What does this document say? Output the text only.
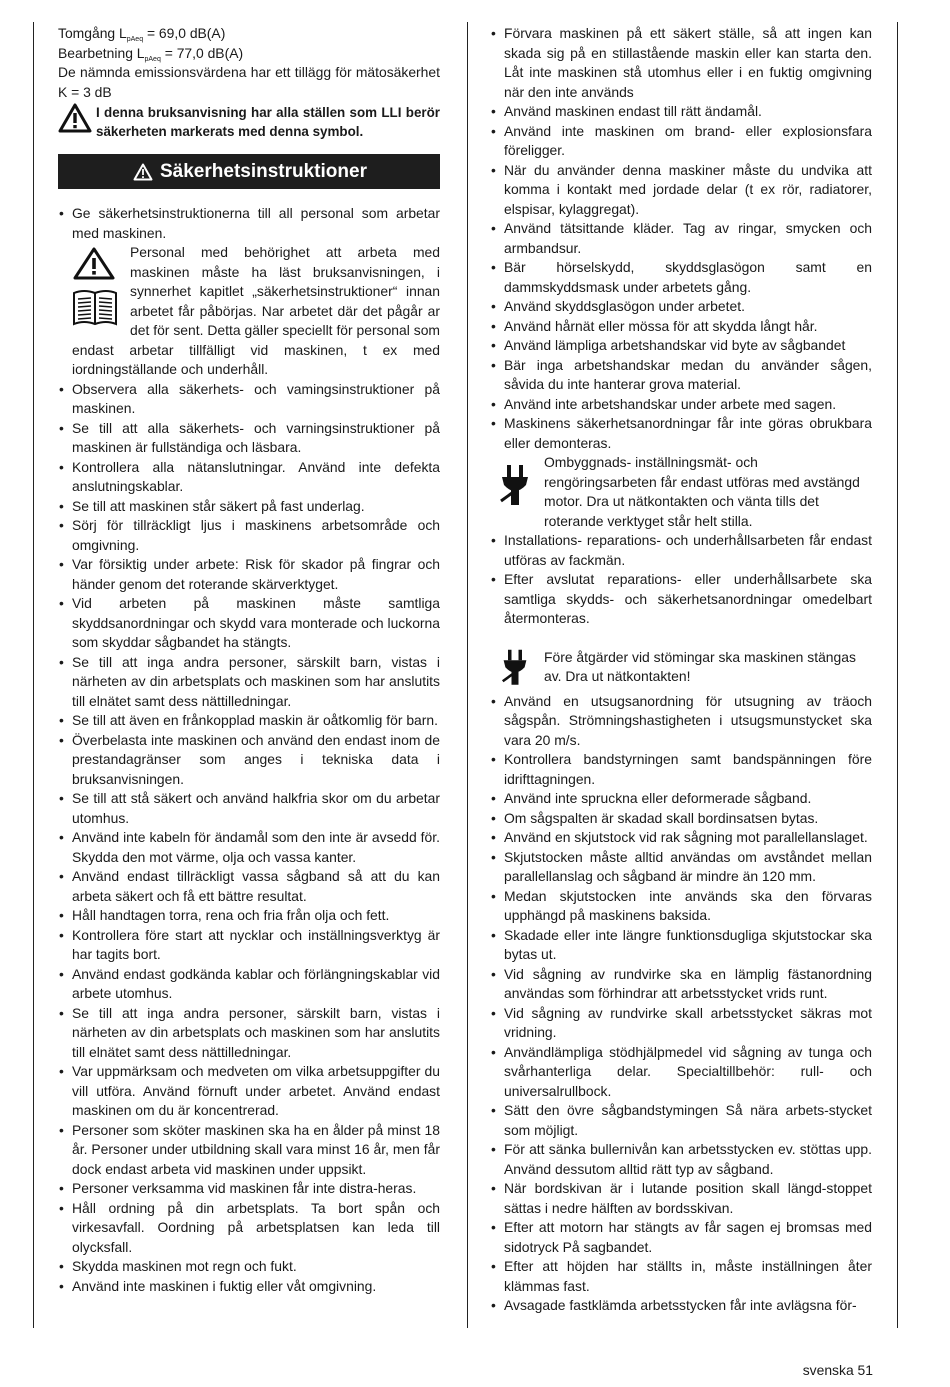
Tomgång $L_{pAeq} = 69,0$ dB(A)

Bearbetning $L_{pAeq} = 77,0$ dB(A)

De nämnda emissionsvärdena har ett tillägg för mätosäkerhet K = 3 dB

I denna bruksanvisning har alla ställen som LLI berör säkerheten markerats med denna symbol.
Säkerhetsinstruktioner
• Ge säkerhetsinstruktionerna till all personal som arbetar med maskinen.

Personal med behörighet att arbeta med maskinen måste ha läst bruksanvisningen, i synnerhet kapitlet „säkerhetsinstruktioner“ innan arbetet får påbörjas. Nar arbetet där det pågår ar det för sent. Detta gäller speciellt för personal som endast arbetar tillfälligt vid maskinen, t ex med iordningställande och underhåll.
• Observera alla säkerhets- och vamingsinstruktioner på maskinen.
• Se till att alla säkerhets- och varningsinstruktioner på maskinen är fullständiga och läsbara.
• Kontrollera alla nätanslutningar. Använd inte defekta anslutningskablar.
• Se till att maskinen står säkert på fast underlag.
• Sörj för tillräckligt ljus i maskinens arbetsområde och omgivning.
• Var försiktig under arbete: Risk för skador på fingrar och händer genom det roterande skärverktyget.
• Vid arbeten på maskinen måste samtliga skyddsanordningar och skydd vara monterade och luckorna som skyddar sågbandet ha stängts.
• Se till att inga andra personer, särskilt barn, vistas i närheten av din arbetsplats och maskinen som har anslutits till elnätet samt dess nättilledningar.
• Se till att även en frånkopplad maskin är oåtkomlig för barn.
• Överbelasta inte maskinen och använd den endast inom de prestandagränser som anges i tekniska data i bruksanvisningen.
• Se till att stå säkert och använd halkfria skor om du arbetar utomhus.
• Använd inte kabeln för ändamål som den inte är avsedd för. Skydda den mot värme, olja och vassa kanter.
• Använd endast tillräckligt vassa sågband så att du kan arbeta säkert och få ett bättre resultat.
• Håll handtagen torra, rena och fria från olja och fett.
• Kontrollera före start att nycklar och inställningsverktyg är har tagits bort.
• Använd endast godkända kablar och förlängningskablar vid arbete utomhus.
• Se till att inga andra personer, särskilt barn, vistas i närheten av din arbetsplats och maskinen som har anslutits till elnätet samt dess nättilledningar.
• Var uppmärksam och medveten om vilka arbetsuppgifter du vill utföra. Använd förnuft under arbetet. Använd endast maskinen om du är koncentrerad.
• Personer som sköter maskinen ska ha en ålder på minst 18 år. Personer under utbildning skall vara minst 16 år, men får dock endast arbeta vid maskinen under uppsikt.
• Personer verksamma vid maskinen får inte distra-heras.
• Håll ordning på din arbetsplats. Ta bort spån och virkesavfall. Oordning på arbetsplatsen kan leda till olycksfall.
• Skydda maskinen mot regn och fukt.
• Använd inte maskinen i fuktig eller våt omgivning.
• Förvara maskinen på ett säkert ställe, så att ingen kan skada sig på en stillastående maskin eller kan starta den. Låt inte maskinen stå utomhus eller i en fuktig omgivning när den inte används
• Använd maskinen endast till rätt ändamål.
• Använd inte maskinen om brand- eller explosionsfara föreligger.
• När du använder denna maskiner måste du undvika att komma i kontakt med jordade delar (t ex rör, radiatorer, elspisar, kylaggregat).
• Använd tätsittande kläder. Tag av ringar, smycken och armbandsur.
• Bär hörselskydd, skyddsglasögon samt en dammskyddsmask under arbetets gång.
• Använd skyddsglasögon under arbetet.
• Använd hårnät eller mössa för att skydda långt hår.
• Använd lämpliga arbetshandskar vid byte av sågbandet
• Bär inga arbetshandskar medan du använder sågen, såvida du inte hanterar grova material.
• Använd inte arbetshandskar under arbete med sagen.
• Maskinens säkerhetsanordningar får inte göras obrukbara eller demonteras.
Ombyggnads- inställningsmät- och rengöringsarbeten får endast utföras med avstängd motor. Dra ut nätkontakten och vänta tills det roterande verktyget står helt stilla.
• Installations- reparations- och underhållsarbeten får endast utföras av fackmän.
• Efter avslutat reparations- eller underhållsarbete ska samtliga skydds- och säkerhetsanordningar omedelbart återmonteras.
Före åtgärder vid stömingar ska maskinen stängas av. Dra ut nätkontakten!
• Använd en utsugsanordning för utsugning av träoch sågspån. Strömningshastigheten i utsugsmunstycket ska vara 20 m/s.
• Kontrollera bandstyrningen samt bandspänningen före idrifttagningen.
• Använd inte spruckna eller deformerade sågband.
• Om sågspalten är skadad skall bordinsatsen bytas.
• Använd en skjutstock vid rak sågning mot parallellanslaget.
• Skjutstocken måste alltid användas om avståndet mellan parallellanslag och sågband är mindre än 120 mm.
• Medan skjutstocken inte används ska den förvaras upphängd på maskinens baksida.
• Skadade eller inte längre funktionsdugliga skjutstockar ska bytas ut.
• Vid sågning av rundvirke ska en lämplig fästanordning användas som förhindrar att arbetsstycket vrids runt.
• Vid sågning av rundvirke skall arbetsstycket säkras mot vridning.
• Användlämpliga stödhjälpmedel vid sågning av tunga och svårhanterliga delar. Specialtillbehör: rull- och universalrullbock.
• Sätt den övre sågbandstymingen Så nära arbets-stycket som möjligt.
• För att sänka bullernivån kan arbetsstycken ev. stöttas upp. Använd dessutom alltid rätt typ av sågband.
• När bordskivan är i lutande position skall längd-stoppet sättas i nedre hälften av bordsskivan.
• Efter att motorn har stängts av får sagen ej bromsas med sidotryck På sagbandet.
• Efter att höjden har ställts in, måste inställningen åter klämmas fast.
• Avsagade fastklämda arbetsstycken får inte avlägsna för-
svenska 51
